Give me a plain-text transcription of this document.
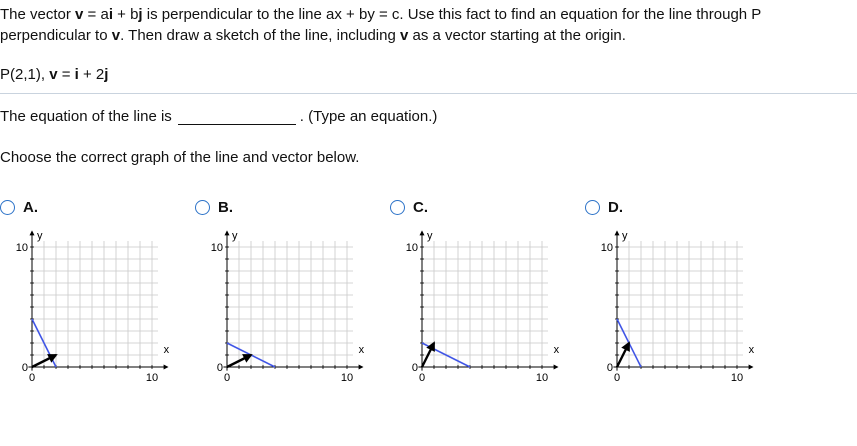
The vector v = ai + bj is perpendicular to the line ax + by = c. Use this fact to find an equation for the line through P
perpendicular to v. Then draw a sketch of the line, including v as a vector starting at the origin.
P(2,1), v = i + 2j
The equation of the line is	. (Type an equation.)
Choose the correct graph of the line and vector below.
A.
y
x
10
0
0	10
B.
y
x
10
0
0	10
C.
y
x
10
0
0	10
D.
y
x
10
0
0	10
